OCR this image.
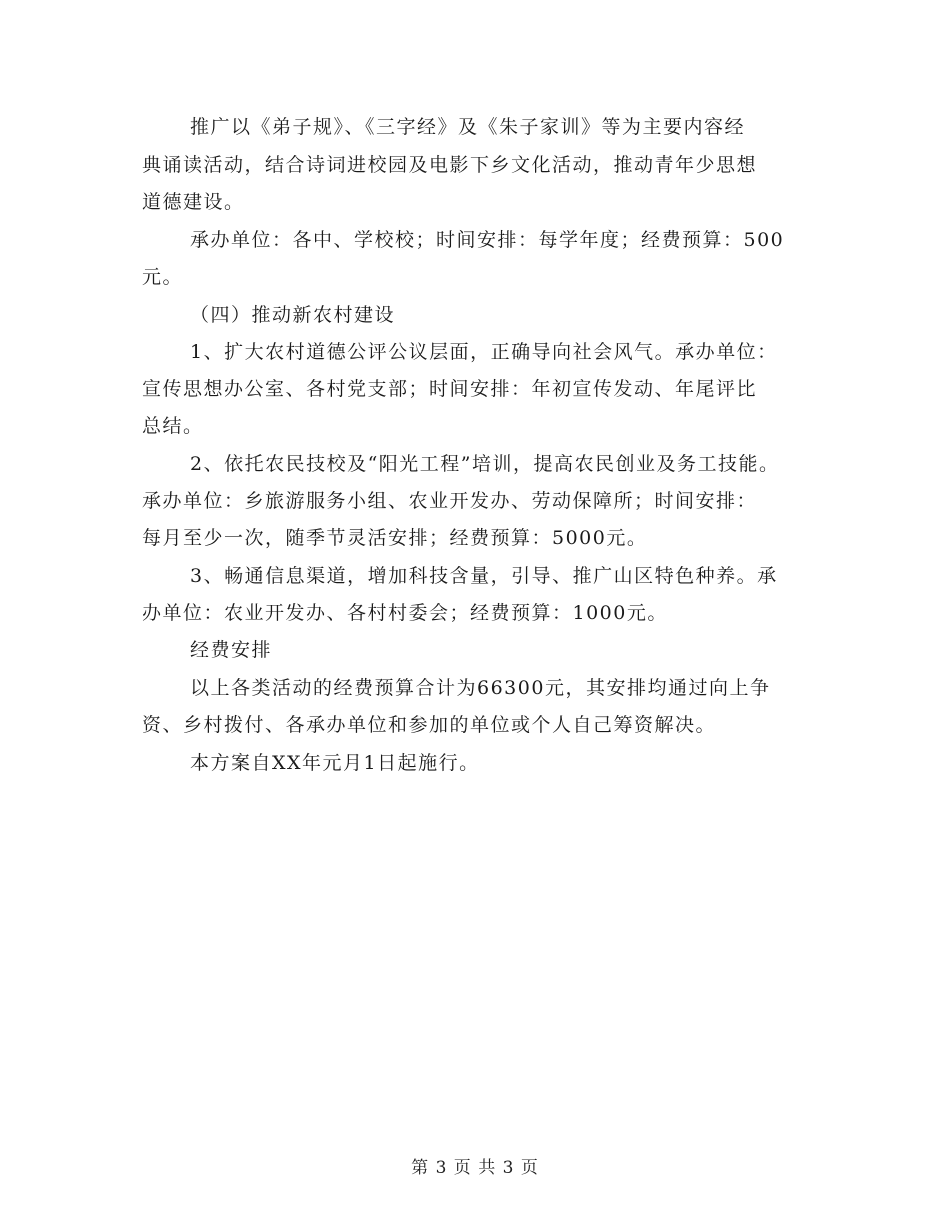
推广以《弟子规》、《三字经》及《朱子家训》等为主要内容经
典诵读活动，结合诗词进校园及电影下乡文化活动，推动青年少思想
道德建设。
承办单位：各中、学校校；时间安排：每学年度；经费预算：500
元。
（四）推动新农村建设
1、扩大农村道德公评公议层面，正确导向社会风气。承办单位：
宣传思想办公室、各村党支部；时间安排：年初宣传发动、年尾评比
总结。
2、依托农民技校及“阳光工程”培训，提高农民创业及务工技能。
承办单位：乡旅游服务小组、农业开发办、劳动保障所；时间安排：
每月至少一次，随季节灵活安排；经费预算：5000元。
3、畅通信息渠道，增加科技含量，引导、推广山区特色种养。承
办单位：农业开发办、各村村委会；经费预算：1000元。
经费安排
以上各类活动的经费预算合计为66300元，其安排均通过向上争
资、乡村拨付、各承办单位和参加的单位或个人自己筹资解决。
本方案自XX年元月1日起施行。
第 3 页 共 3 页
